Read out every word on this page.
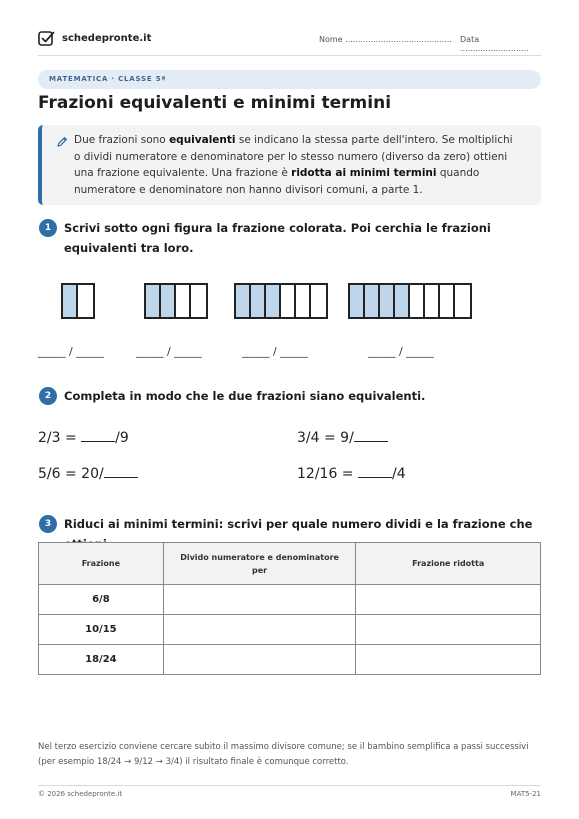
schedepronte.it	Nome .......................................... Data ...........................
MATEMATICA · CLASSE 5ª
Frazioni equivalenti e minimi termini
Due frazioni sono equivalenti se indicano la stessa parte dell'intero. Se moltiplichi o dividi numeratore e denominatore per lo stesso numero (diverso da zero) ottieni una frazione equivalente. Una frazione è ridotta ai minimi termini quando numeratore e denominatore non hanno divisori comuni, a parte 1.
1	Scrivi sotto ogni figura la frazione colorata. Poi cerchia le frazioni equivalenti tra loro.
_____ / _____	_____ / _____	_____ / _____	_____ / _____
2	Completa in modo che le due frazioni siano equivalenti.
2/3 = /9	3/4 = 9/
5/6 = 20/	12/16 = /4
3	Riduci ai minimi termini: scrivi per quale numero dividi e la frazione che
Frazione	Divido numeratore e denominatore per	Frazione ridotta
6/8		
10/15		
18/24		
Nel terzo esercizio conviene cercare subito il massimo divisore comune; se il bambino semplifica a passi successivi (per esempio 18/24 → 9/12 → 3/4) il risultato finale è comunque corretto.
© 2026 schedepronte.it	MAT5-21
